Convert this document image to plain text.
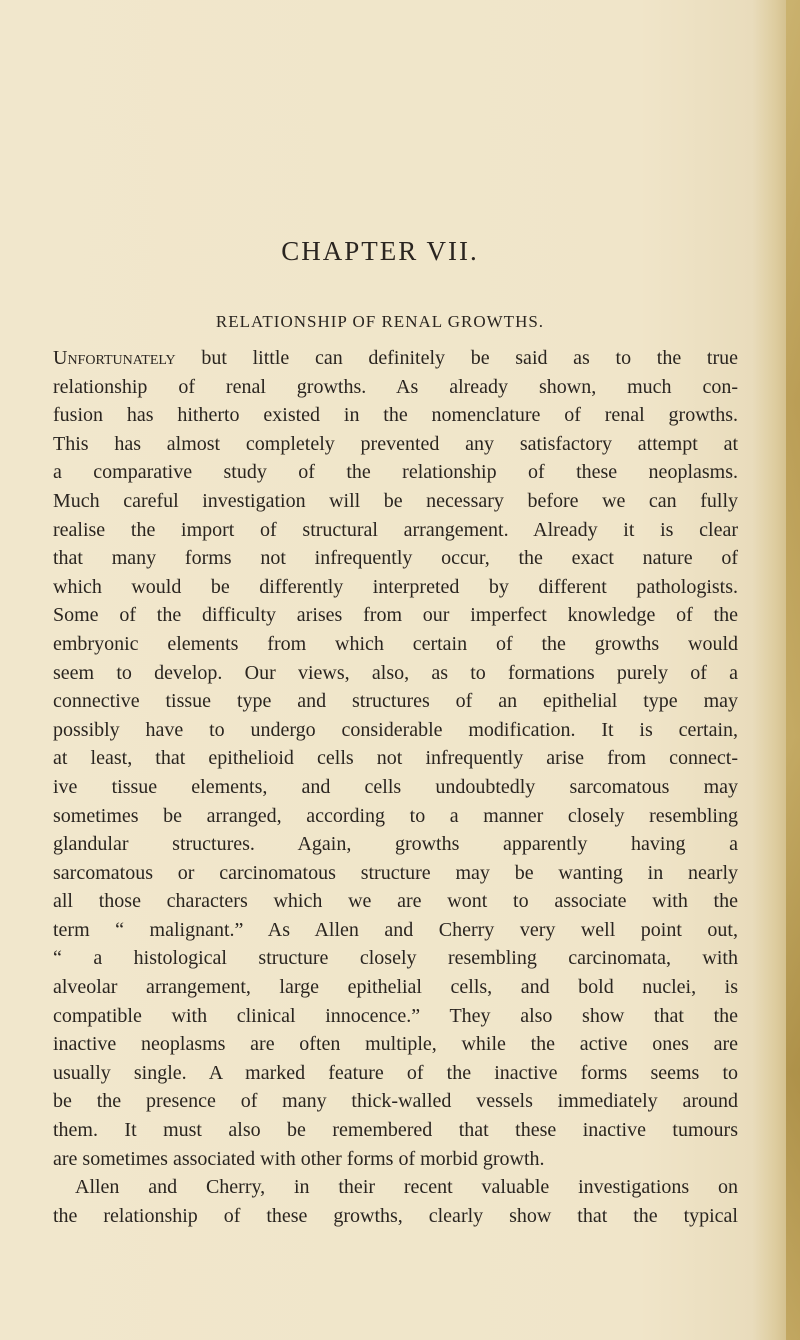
CHAPTER VII.
RELATIONSHIP OF RENAL GROWTHS.
Unfortunately but little can definitely be said as to the true
relationship of renal growths. As already shown, much con-
fusion has hitherto existed in the nomenclature of renal growths.
This has almost completely prevented any satisfactory attempt at
a comparative study of the relationship of these neoplasms.
Much careful investigation will be necessary before we can fully
realise the import of structural arrangement. Already it is clear
that many forms not infrequently occur, the exact nature of
which would be differently interpreted by different pathologists.
Some of the difficulty arises from our imperfect knowledge of the
embryonic elements from which certain of the growths would
seem to develop. Our views, also, as to formations purely of a
connective tissue type and structures of an epithelial type may
possibly have to undergo considerable modification. It is certain,
at least, that epithelioid cells not infrequently arise from connect-
ive tissue elements, and cells undoubtedly sarcomatous may
sometimes be arranged, according to a manner closely resembling
glandular structures. Again, growths apparently having a
sarcomatous or carcinomatous structure may be wanting in nearly
all those characters which we are wont to associate with the
term “ malignant.” As Allen and Cherry very well point out,
“ a histological structure closely resembling carcinomata, with
alveolar arrangement, large epithelial cells, and bold nuclei, is
compatible with clinical innocence.” They also show that the
inactive neoplasms are often multiple, while the active ones are
usually single. A marked feature of the inactive forms seems to
be the presence of many thick-walled vessels immediately around
them. It must also be remembered that these inactive tumours
are sometimes associated with other forms of morbid growth.
Allen and Cherry, in their recent valuable investigations on
the relationship of these growths, clearly show that the typical
